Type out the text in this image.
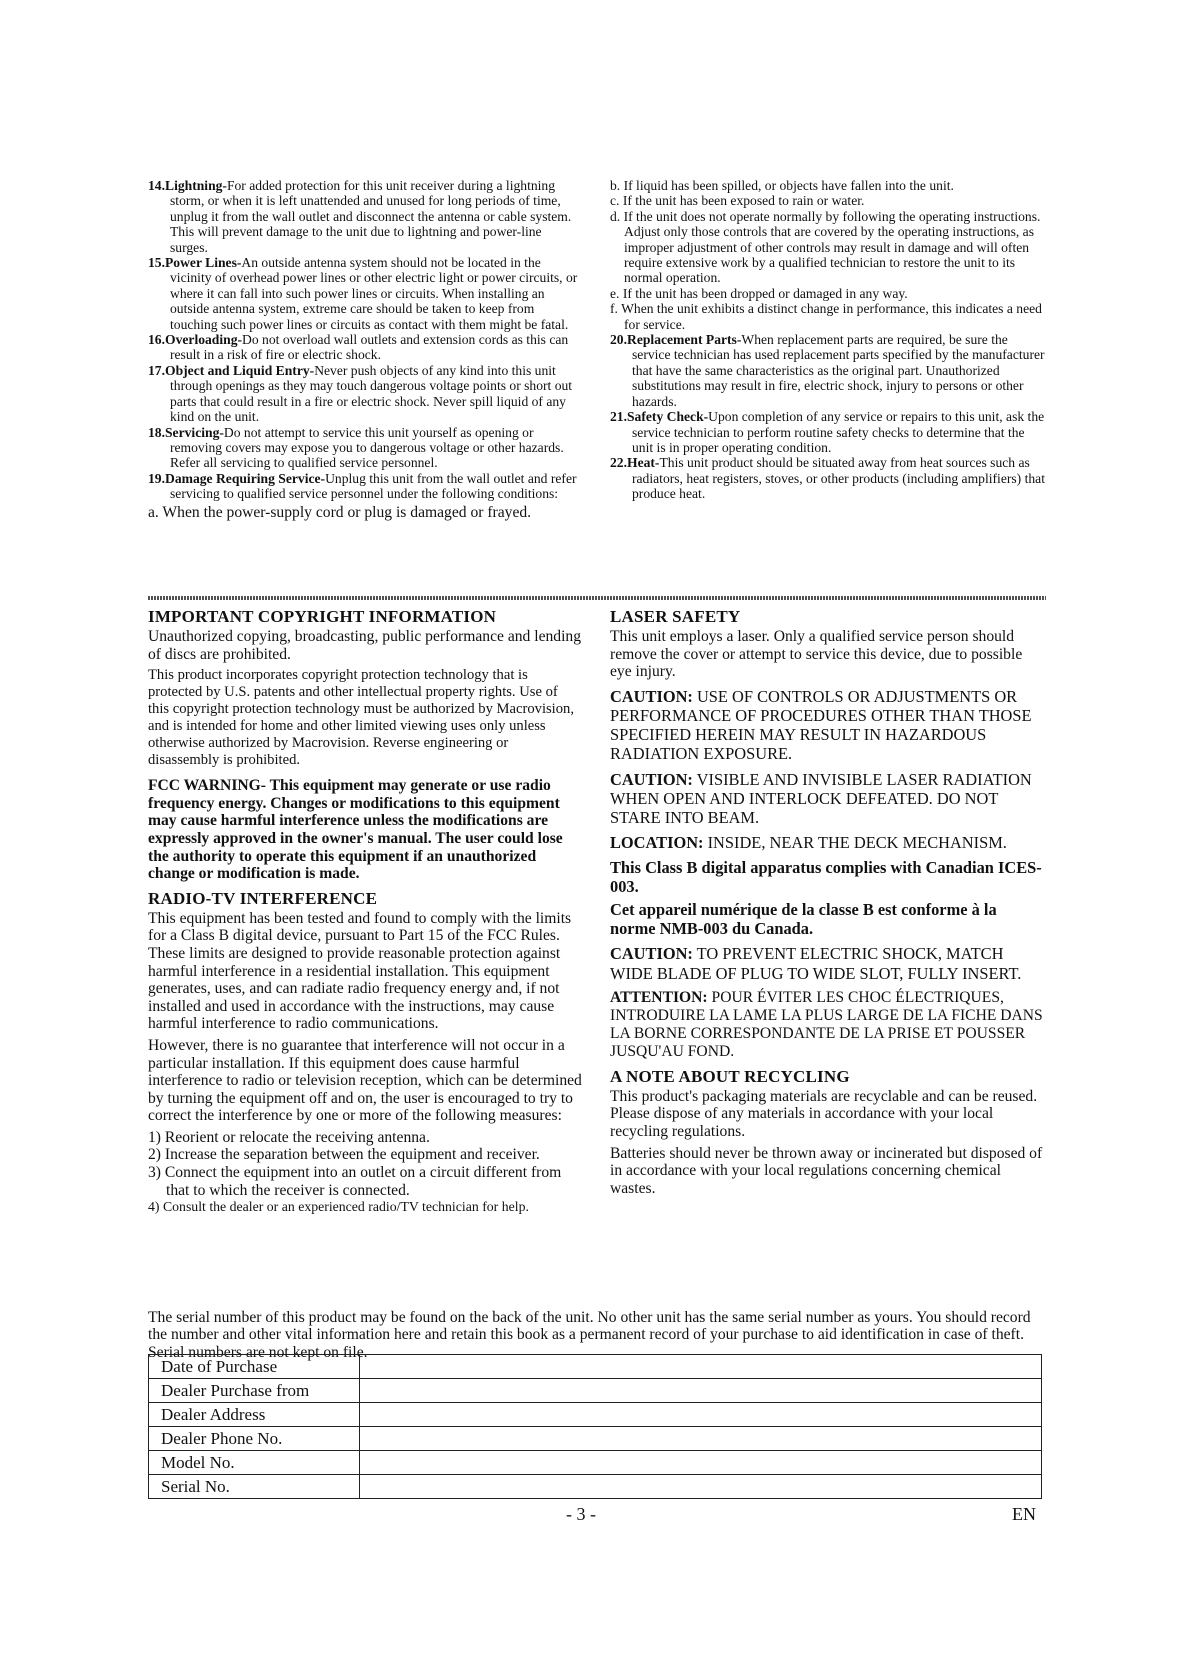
14.Lightning-For added protection for this unit receiver during a lightning storm, or when it is left unattended and unused for long periods of time, unplug it from the wall outlet and disconnect the antenna or cable system. This will prevent damage to the unit due to lightning and power-line surges.

15.Power Lines-An outside antenna system should not be located in the vicinity of overhead power lines or other electric light or power circuits, or where it can fall into such power lines or circuits. When installing an outside antenna system, extreme care should be taken to keep from touching such power lines or circuits as contact with them might be fatal.

16.Overloading-Do not overload wall outlets and extension cords as this can result in a risk of fire or electric shock.

17.Object and Liquid Entry-Never push objects of any kind into this unit through openings as they may touch dangerous voltage points or short out parts that could result in a fire or electric shock. Never spill liquid of any kind on the unit.

18.Servicing-Do not attempt to service this unit yourself as opening or removing covers may expose you to dangerous voltage or other hazards. Refer all servicing to qualified service personnel.

19.Damage Requiring Service-Unplug this unit from the wall outlet and refer servicing to qualified service personnel under the following conditions:

a. When the power-supply cord or plug is damaged or frayed.

b. If liquid has been spilled, or objects have fallen into the unit.

c. If the unit has been exposed to rain or water.

d. If the unit does not operate normally by following the operating instructions. Adjust only those controls that are covered by the operating instructions, as improper adjustment of other controls may result in damage and will often require extensive work by a qualified technician to restore the unit to its normal operation.

e. If the unit has been dropped or damaged in any way.

f. When the unit exhibits a distinct change in performance, this indicates a need for service.

20.Replacement Parts-When replacement parts are required, be sure the service technician has used replacement parts specified by the manufacturer that have the same characteristics as the original part. Unauthorized substitutions may result in fire, electric shock, injury to persons or other hazards.

21.Safety Check-Upon completion of any service or repairs to this unit, ask the service technician to perform routine safety checks to determine that the unit is in proper operating condition.

22.Heat-This unit product should be situated away from heat sources such as radiators, heat registers, stoves, or other products (including amplifiers) that produce heat.

IMPORTANT COPYRIGHT INFORMATION

Unauthorized copying, broadcasting, public performance and lending of discs are prohibited.

This product incorporates copyright protection technology that is protected by U.S. patents and other intellectual property rights. Use of this copyright protection technology must be authorized by Macrovision, and is intended for home and other limited viewing uses only unless otherwise authorized by Macrovision. Reverse engineering or disassembly is prohibited.

FCC WARNING- This equipment may generate or use radio frequency energy. Changes or modifications to this equipment may cause harmful interference unless the modifications are expressly approved in the owner's manual. The user could lose the authority to operate this equipment if an unauthorized change or modification is made.

RADIO-TV INTERFERENCE

This equipment has been tested and found to comply with the limits for a Class B digital device, pursuant to Part 15 of the FCC Rules. These limits are designed to provide reasonable protection against harmful interference in a residential installation. This equipment generates, uses, and can radiate radio frequency energy and, if not installed and used in accordance with the instructions, may cause harmful interference to radio communications.

However, there is no guarantee that interference will not occur in a particular installation. If this equipment does cause harmful interference to radio or television reception, which can be determined by turning the equipment off and on, the user is encouraged to try to correct the interference by one or more of the following measures:

1) Reorient or relocate the receiving antenna.

2) Increase the separation between the equipment and receiver.

3) Connect the equipment into an outlet on a circuit different from that to which the receiver is connected.

4) Consult the dealer or an experienced radio/TV technician for help.

LASER SAFETY

This unit employs a laser. Only a qualified service person should remove the cover or attempt to service this device, due to possible eye injury.

CAUTION: USE OF CONTROLS OR ADJUSTMENTS OR PERFORMANCE OF PROCEDURES OTHER THAN THOSE SPECIFIED HEREIN MAY RESULT IN HAZARDOUS RADIATION EXPOSURE.

CAUTION: VISIBLE AND INVISIBLE LASER RADIATION WHEN OPEN AND INTERLOCK DEFEATED. DO NOT STARE INTO BEAM.

LOCATION: INSIDE, NEAR THE DECK MECHANISM.

This Class B digital apparatus complies with Canadian ICES-003.

Cet appareil numérique de la classe B est conforme à la norme NMB-003 du Canada.

CAUTION: TO PREVENT ELECTRIC SHOCK, MATCH WIDE BLADE OF PLUG TO WIDE SLOT, FULLY INSERT.

ATTENTION: POUR ÉVITER LES CHOC ÉLECTRIQUES, INTRODUIRE LA LAME LA PLUS LARGE DE LA FICHE DANS LA BORNE CORRESPONDANTE DE LA PRISE ET POUSSER JUSQU'AU FOND.

A NOTE ABOUT RECYCLING

This product's packaging materials are recyclable and can be reused. Please dispose of any materials in accordance with your local recycling regulations.

Batteries should never be thrown away or incinerated but disposed of in accordance with your local regulations concerning chemical wastes.

The serial number of this product may be found on the back of the unit. No other unit has the same serial number as yours. You should record the number and other vital information here and retain this book as a permanent record of your purchase to aid identification in case of theft. Serial numbers are not kept on file.

Date of Purchase	
Dealer Purchase from	
Dealer Address	
Dealer Phone No.	
Model No.	
Serial No.	
- 3 -	EN
